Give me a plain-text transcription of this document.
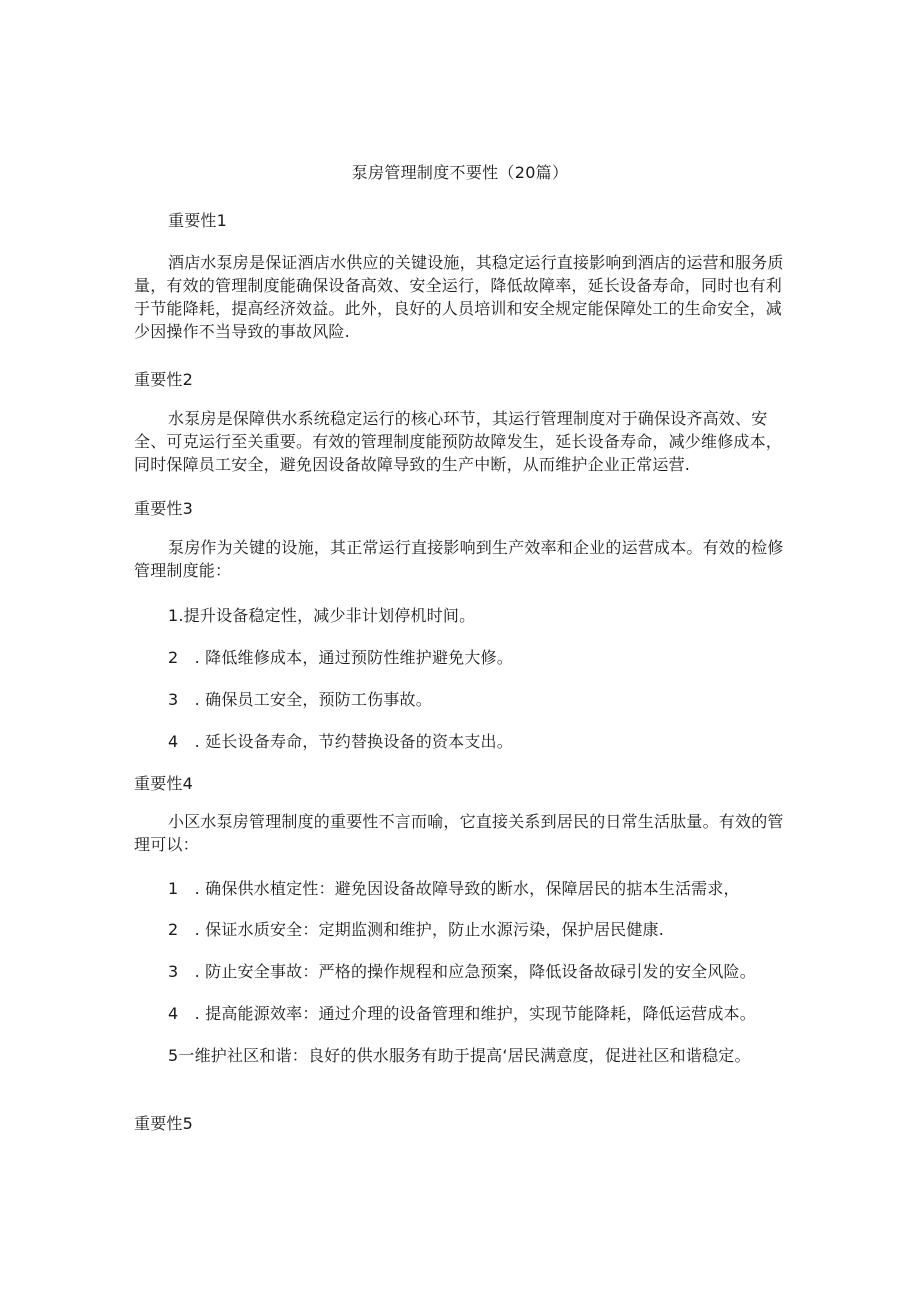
泵房管理制度不要性（20篇）
重要性1

酒店水泵房是保证酒店水供应的关键设施，其稳定运行直接影响到酒店的运营和服务质量，有效的管理制度能确保设备高效、安全运行，降低故障率，延长设备寿命，同时也有利于节能降耗，提高经济效益。此外，良好的人员培训和安全规定能保障处工的生命安全，减少因操作不当导致的事故风险.

重要性2

水泵房是保障供水系统稳定运行的核心环节，其运行管理制度对于确保设齐高效、安全、可克运行至关重要。有效的管理制度能预防故障发生，延长设备寿命，减少维修成本，同时保障员工安全，避免因设备故障导致的生产中断，从而维护企业正常运营.

重要性3

泵房作为关键的设施，其正常运行直接影响到生产效率和企业的运营成本。有效的检修管理制度能：

1.提升设备稳定性，减少非计划停机时间。
2　. 降低维修成本，通过预防性维护避免大修。
3　. 确保员工安全，预防工伤事故。
4　. 延长设备寿命，节约替换设备的资本支出。
重要性4

小区水泵房管理制度的重要性不言而喻，它直接关系到居民的日常生活肽量。有效的管理可以：

1　. 确保供水植定性：避免因设备故障导致的断水，保障居民的掂本生活需求，
2　. 保证水质安全：定期监测和维护，防止水源污染，保护居民健康.
3　. 防止安全事故：严格的操作规程和应急预案，降低设备故碌引发的安全风险。
4　. 提高能源效率：通过介理的设备管理和维护，实现节能降耗，降低运营成本。

5一维护社区和谐：良好的供水服务有助于提高‘居民满意度，促进社区和谐稳定。

重要性5
